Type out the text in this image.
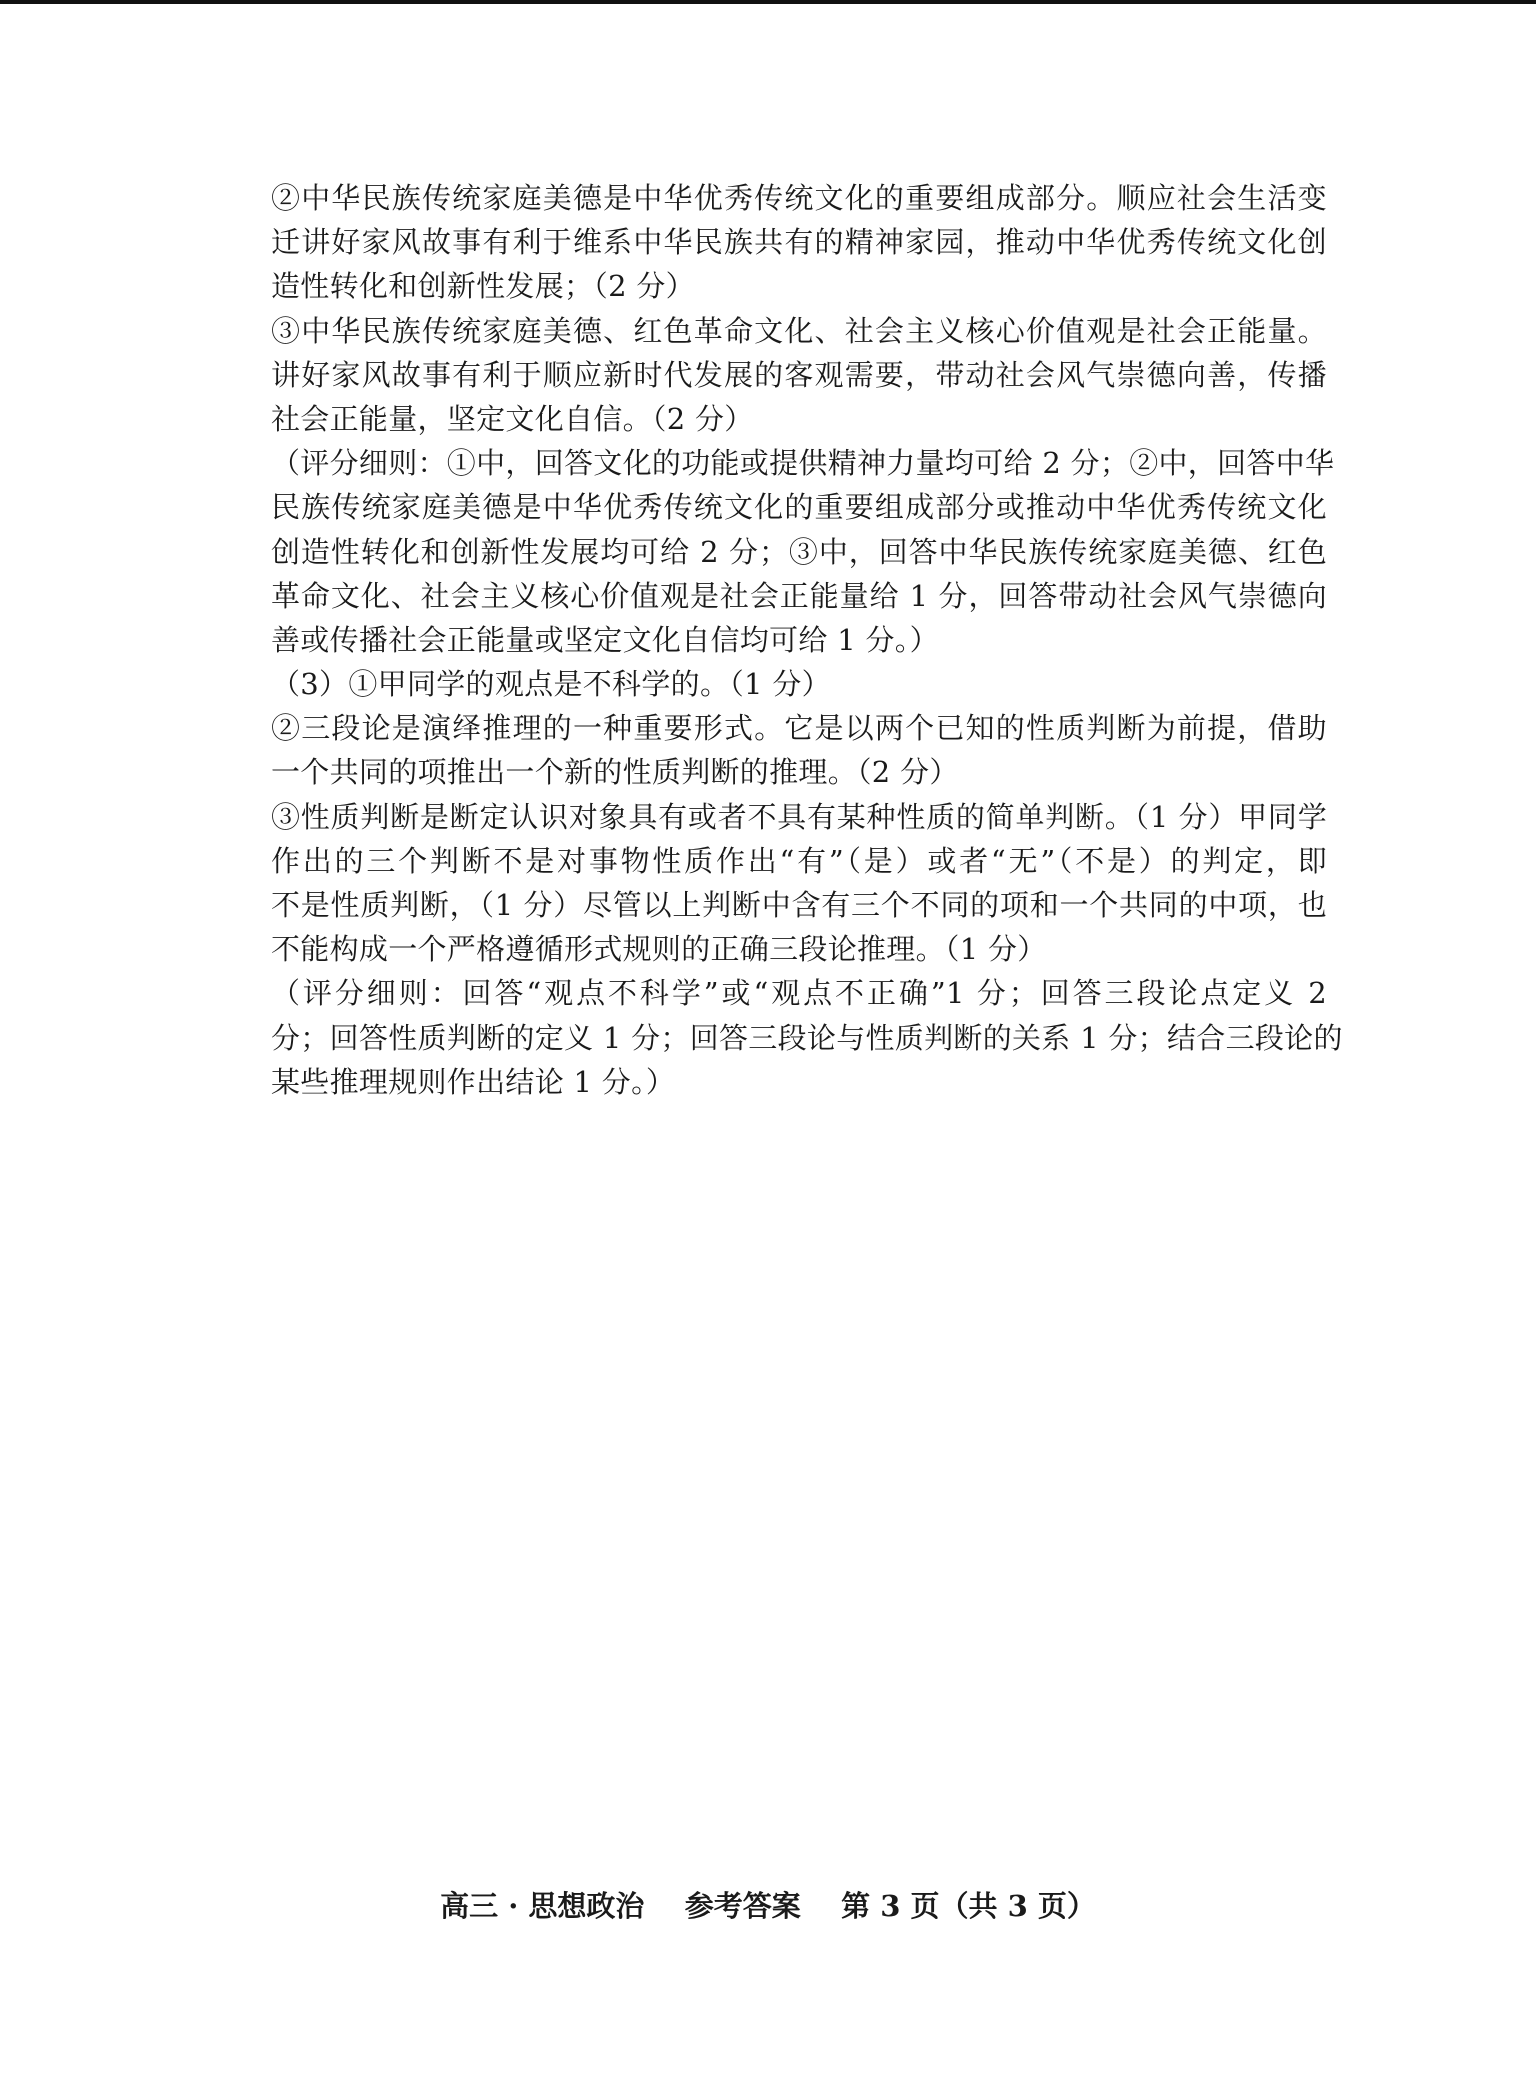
②中华民族传统家庭美德是中华优秀传统文化的重要组成部分。顺应社会生活变
迁讲好家风故事有利于维系中华民族共有的精神家园，推动中华优秀传统文化创
造性转化和创新性发展；（2 分）
③中华民族传统家庭美德、红色革命文化、社会主义核心价值观是社会正能量。
讲好家风故事有利于顺应新时代发展的客观需要，带动社会风气崇德向善，传播
社会正能量，坚定文化自信。（2 分）
（评分细则：①中，回答文化的功能或提供精神力量均可给 2 分；②中，回答中华
民族传统家庭美德是中华优秀传统文化的重要组成部分或推动中华优秀传统文化
创造性转化和创新性发展均可给 2 分；③中，回答中华民族传统家庭美德、红色
革命文化、社会主义核心价值观是社会正能量给 1 分，回答带动社会风气崇德向
善或传播社会正能量或坚定文化自信均可给 1 分。）
（3）①甲同学的观点是不科学的。（1 分）
②三段论是演绎推理的一种重要形式。它是以两个已知的性质判断为前提，借助
一个共同的项推出一个新的性质判断的推理。（2 分）
③性质判断是断定认识对象具有或者不具有某种性质的简单判断。（1 分）甲同学
作出的三个判断不是对事物性质作出“有”（是）或者“无”（不是）的判定，即
不是性质判断，（1 分）尽管以上判断中含有三个不同的项和一个共同的中项，也
不能构成一个严格遵循形式规则的正确三段论推理。（1 分）
（评分细则：回答“观点不科学”或“观点不正确”1 分；回答三段论点定义 2
分；回答性质判断的定义 1 分；回答三段论与性质判断的关系 1 分；结合三段论的
某些推理规则作出结论 1 分。）
高三 · 思想政治    参考答案    第 3 页（共 3 页）
